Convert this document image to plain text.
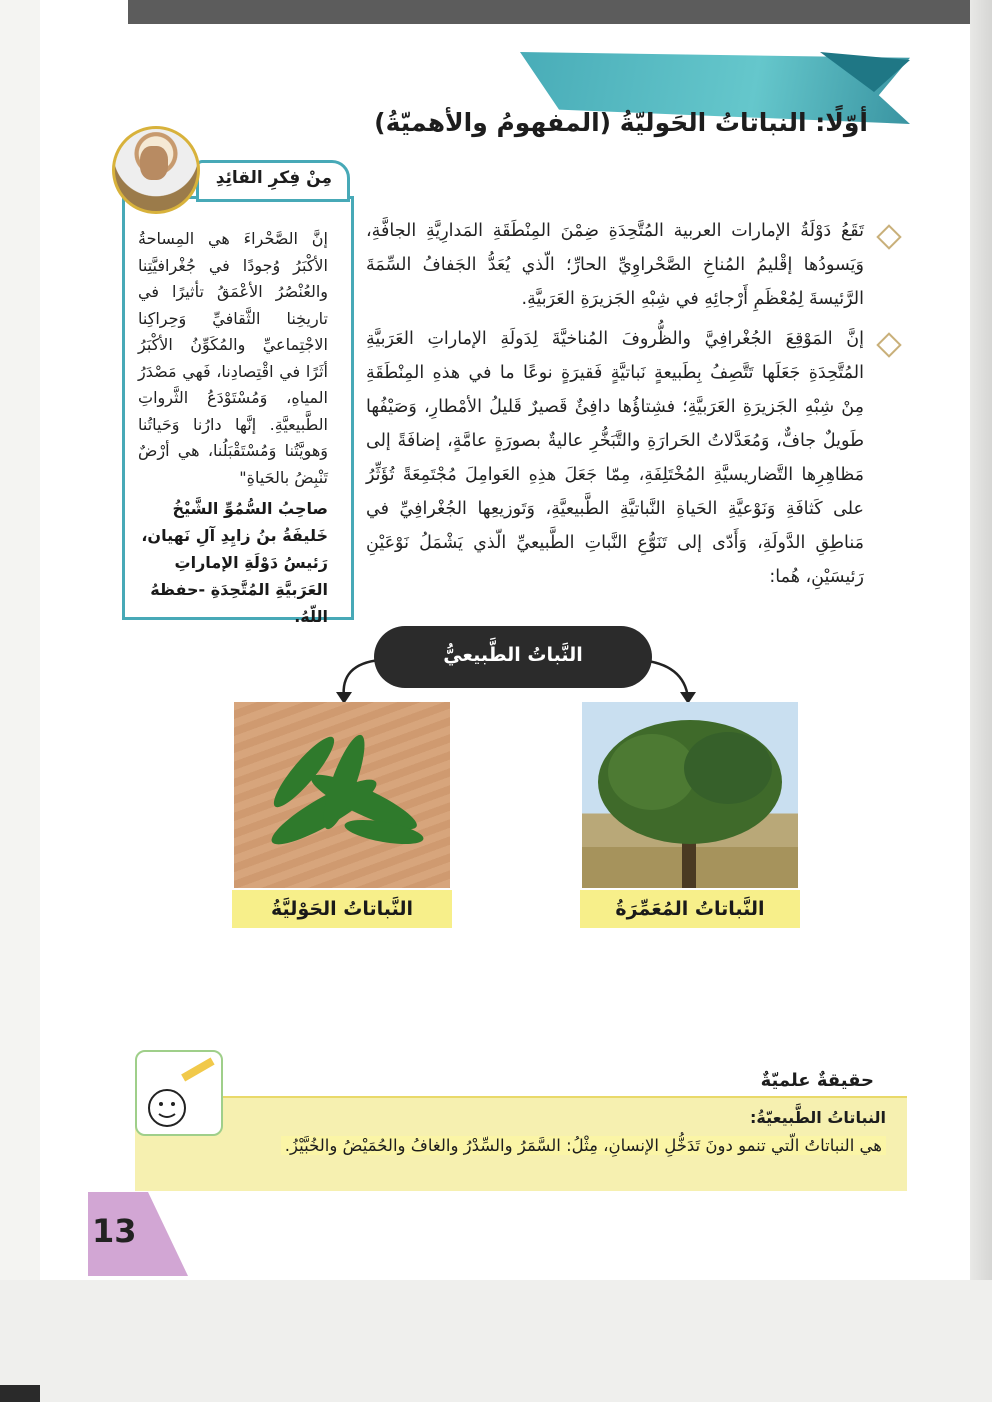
أوّلًا: النباتاتُ الحَوليّةُ (المفهومُ والأهميّةُ)
تَقَعُ دَوْلَةُ الإمارات العربية المُتَّحِدَةِ ضِمْنَ المِنْطَقَةِ المَدارِيَّةِ الجافَّةِ، وَيَسودُها إقْليمُ المُناخِ الصَّحْراوِيِّ الحارِّ؛ الّذي يُعَدُّ الجَفافُ السِّمَةَ الرَّئيسةَ لِمُعْظَمِ أَرْجائِهِ في شِبْهِ الجَزيرَةِ العَرَبيَّةِ.
إنَّ المَوْقِعَ الجُغْرافِيَّ والظُّروفَ المُناخيَّةَ لِدَولَةِ الإماراتِ العَرَبيَّةِ المُتَّحِدَةِ جَعَلَها تَتَّصِفُ بِطَبيعةٍ نَباتيَّةٍ فَقيرَةٍ نوعًا ما في هذهِ المِنْطَقَةِ مِنْ شِبْهِ الجَزيرَةِ العَرَبيَّةِ؛ فشِتاؤُها دافِئٌ قَصيرٌ قَليلُ الأمْطارِ، وَصَيْفُها طَويلٌ جافٌّ، وَمُعَدَّلاتُ الحَرارَةِ والتَّبَخُّرِ عاليةٌ بصورَةٍ عامَّةٍ، إضافَةً إلى مَظاهِرِها التَّضاريسيَّةِ المُخْتَلِفَةِ، مِمّا جَعَلَ هذِهِ العَوامِلَ مُجْتَمِعَةً تُؤَثِّرُ على كَثافَةِ وَنَوْعيَّةِ الحَياةِ النَّباتيَّةِ الطَّبيعيَّةِ، وَتَوزيعِها الجُغْرافِيِّ في مَناطِقِ الدَّولَةِ، وَأَدّى إلى تَنَوُّعِ النَّباتِ الطَّبيعيِّ الّذي يَشْمَلُ نَوْعَيْنِ رَئيسَيْنِ، هُما:
مِنْ فِكرِ القائِدِ
إنَّ الصَّحْراءَ هي المِساحةُ الأكْبَرُ وُجودًا في جُغْرافيَّتِنا والعُنْصُرُ الأعْمَقُ تأثيرًا في تاريخِنا الثَّقافيِّ وَحِراكِنا الاجْتِماعيِّ والمُكَوِّنُ الأكْبَرُ أثَرًا في اقْتِصادِنا، فَهي مَصْدَرُ المياهِ، وَمُسْتَوْدَعُ الثَّرواتِ الطَّبيعيَّةِ. إنَّها دارُنا وَحَياتُنا وَهويَّتُنا وَمُسْتَقْبَلُنا، هي أرْضٌ تَنْبِضُ بالحَياةِ"
صاحِبُ السُّمُوِّ الشَّيْخُ خَليفَةُ بنُ زايِدِ آلِ نَهيان، رَئيسُ دَوْلَةِ الإماراتِ العَرَبيَّةِ المُتَّحِدَةِ -حفظهُ اللّهُ.
النَّباتُ الطَّبيعيُّ
النَّباتاتُ المُعَمِّرَةُ
النَّباتاتُ الحَوْليَّةُ
حقيقةٌ علميّةٌ
النباتاتُ الطَّبيعيّةُ:
هي النباتاتُ الّتي تنمو دونَ تَدَخُّلِ الإنسانِ، مِثْلُ: السَّمَرُ والسِّدْرُ والغافُ والحُمَيْضُ والخُبَّيْزُ.
13
